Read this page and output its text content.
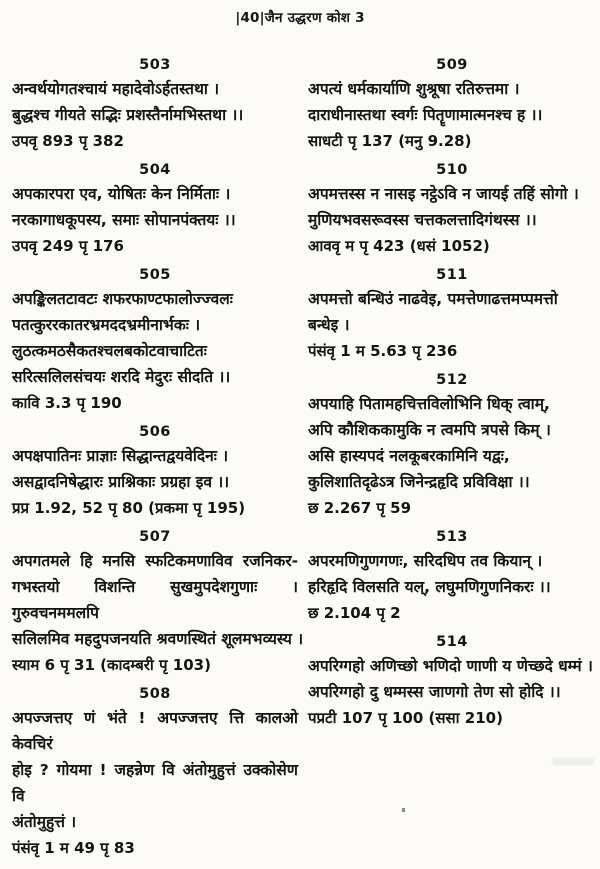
|40|जैन उद्धरण कोश 3
503
अन्वर्थयोगतश्चायं महादेवोऽर्हतस्तथा ।
बुद्धश्च गीयते सद्भिः प्रशस्तैर्नामभिस्तथा ।।
उपवृ 893 पृ 382
504
अपकारपरा एव, योषितः केन निर्मिताः ।
नरकागाधकूपस्य, समाः सोपानपंक्तयः ।।
उपवृ 249 पृ 176
505
अपङ्किलतटावटः शफरफाण्टफालोज्ज्वलः
पतत्कुररकातरभ्रमददभ्रमीनार्भकः ।
लुठत्कमठसैकतश्चलबकोटवाचाटितः
सरित्सलिलसंचयः शरदि मेदुरः सीदति ।।
कावि 3.3 पृ 190
506
अपक्षपातिनः प्राज्ञाः सिद्धान्तद्वयवेदिनः ।
असद्वादनिषेद्धारः प्राश्निकाः प्रग्रहा इव ।।
प्रप्र 1.92, 52 पृ 80 (प्रकमा पृ 195)
507
अपगतमले हि मनसि स्फटिकमणाविव रजनिकर-
गभस्तयो विशन्ति सुखमुपदेशगुणाः । गुरुवचनममलपि
सलिलमिव महदुपजनयति श्रवणस्थितं शूलमभव्यस्य ।
स्याम 6 पृ 31 (कादम्बरी पृ 103)
508
अपज्जत्तए णं भंते ! अपज्जत्तए त्ति कालओ केवचिरं
होइ ? गोयमा ! जहन्नेण वि अंतोमुहुत्तं उक्कोसेण वि
अंतोमुहुत्तं ।
पंसंवृ 1 म 49 पृ 83
509
अपत्यं धर्मकार्याणि शुश्रूषा रतिरुत्तमा ।
दाराधीनास्तथा स्वर्गः पितॄणामात्मनश्च ह ।।
साधटी पृ 137 (मनु 9.28)
510
अपमत्तस्स न नासइ नट्ठेऽवि न जायई तहिं सोगो ।
मुणियभवसरूवस्स चत्तकलत्तादिगंथस्स ।।
आववृ म पृ 423 (धसं 1052)
511
अपमत्तो बन्धिउं नाढवेइ, पमत्तेणाढत्तमप्पमत्तो
बन्धेइ ।
पंसंवृ 1 म 5.63 पृ 236
512
अपयाहि पितामहचित्तविलोभिनि धिक् त्वाम्,
अपि कौशिककामुकि न त्वमपि त्रपसे किम् ।
असि हास्यपदं नलकूबरकामिनि यद्वः,
कुलिशातिदृढेऽत्र जिनेन्द्रहृदि प्रविविक्षा ।।
छ 2.267 पृ 59
513
अपरमणिगुणगणः, सरिदधिप तव कियान् ।
हरिहृदि विलसति यल्, लघुमणिगुणनिकरः ।।
छ 2.104 पृ 2
514
अपरिग्गहो अणिच्छो भणिदो णाणी य णेच्छदे धम्मं ।
अपरिग्गहो दु धम्मस्स जाणगो तेण सो होदि ।।
पप्रटी 107 पृ 100 (ससा 210)
